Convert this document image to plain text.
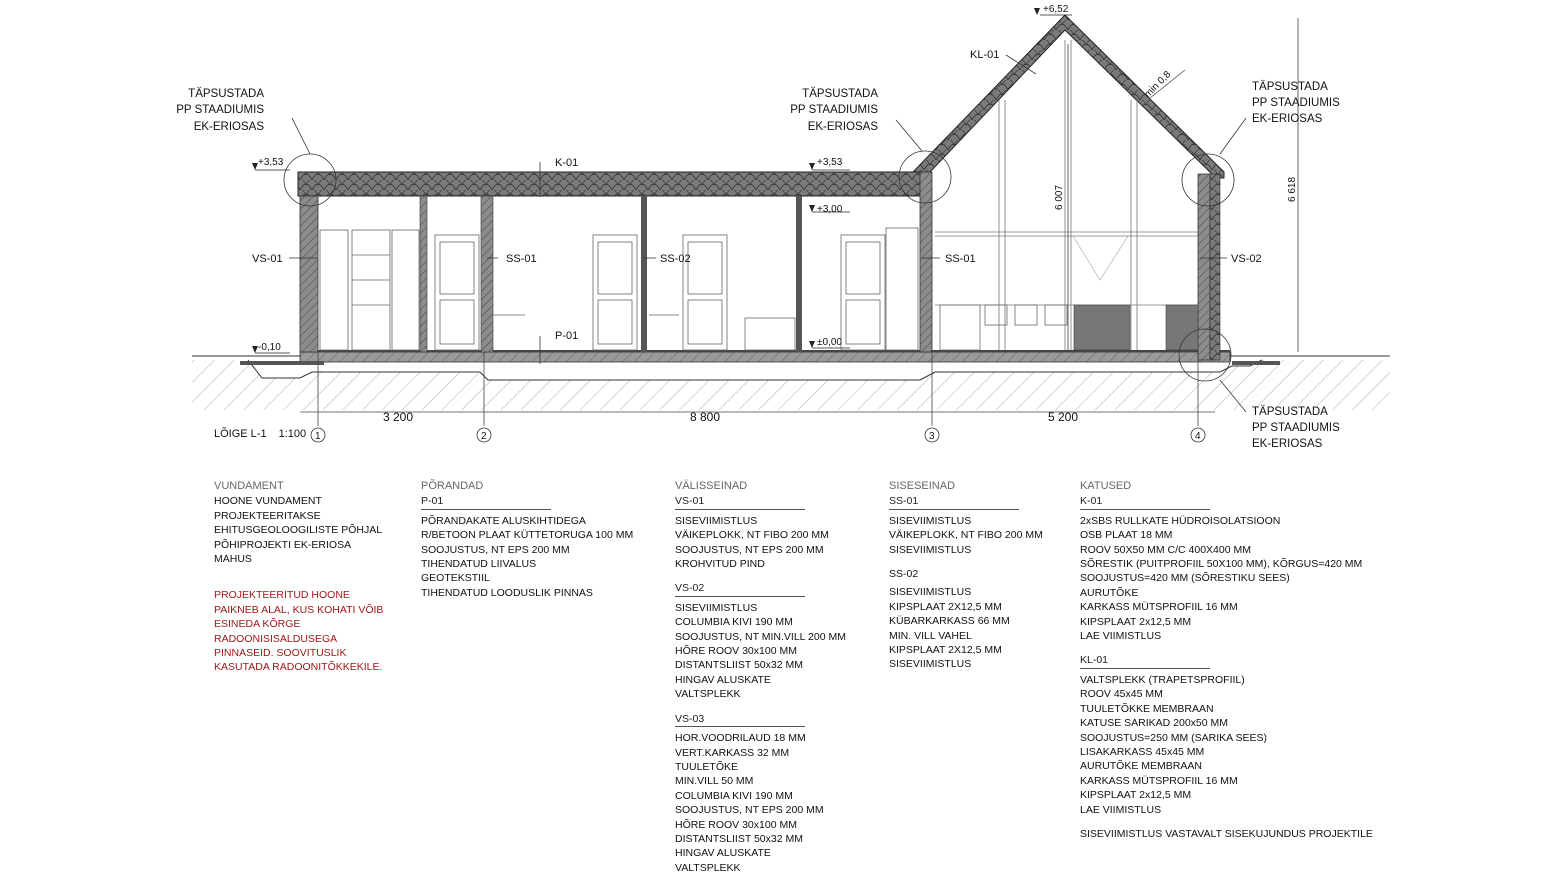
+3,53	+3,53
+3,00
±0,00
-0,10
+6,52
K-01
KL-01
VS-01	SS-01	SS-02	SS-01	VS-02
P-01
min 0,8
3 200	8 800	5 200
6 007	6 618
1	2	3	4
LÕIGE L-1 1:100
TÄPSUSTADA
PP STAADIUMIS
EK-ERIOSAS
TÄPSUSTADA
PP STAADIUMIS
EK-ERIOSAS
TÄPSUSTADA
PP STAADIUMIS
EK-ERIOSAS
TÄPSUSTADA
PP STAADIUMIS
EK-ERIOSAS
VUNDAMENT
HOONE VUNDAMENT
PROJEKTEERITAKSE
EHITUSGEOLOOGILISTE PÕHJAL
PÕHIPROJEKTI EK-ERIOSA
MAHUS
PROJEKTEERITUD HOONE
PAIKNEB ALAL, KUS KOHATI VÕIB
ESINEDA KÕRGE
RADOONISISALDUSEGA
PINNASEID. SOOVITUSLIK
KASUTADA RADOONITÕKKEKILE.
PÕRANDAD
P-01
PÕRANDAKATE ALUSKIHTIDEGA
R/BETOON PLAAT KÜTTETORUGA 100 MM
SOOJUSTUS, NT EPS 200 MM
TIHENDATUD LIIVALUS
GEOTEKSTIIL
TIHENDATUD LOODUSLIK PINNAS
VÄLISSEINAD
VS-01
SISEVIIMISTLUS
VÄIKEPLOKK, NT FIBO 200 MM
SOOJUSTUS, NT EPS 200 MM
KROHVITUD PIND
VS-02
SISEVIIMISTLUS
COLUMBIA KIVI 190 MM
SOOJUSTUS, NT MIN.VILL 200 MM
HÕRE ROOV 30x100 MM
DISTANTSLIIST 50x32 MM
HINGAV ALUSKATE
VALTSPLEKK
VS-03
HOR.VOODRILAUD 18 MM
VERT.KARKASS 32 MM
TUULETÕKE
MIN.VILL 50 MM
COLUMBIA KIVI 190 MM
SOOJUSTUS, NT EPS 200 MM
HÕRE ROOV 30x100 MM
DISTANTSLIIST 50x32 MM
HINGAV ALUSKATE
VALTSPLEKK
SISESEINAD
SS-01
SISEVIIMISTLUS
VÄIKEPLOKK, NT FIBO 200 MM
SISEVIIMISTLUS
SS-02
SISEVIIMISTLUS
KIPSPLAAT 2X12,5 MM
KÜBARKARKASS 66 MM
MIN. VILL VAHEL
KIPSPLAAT 2X12,5 MM
SISEVIIMISTLUS
KATUSED
K-01
2xSBS RULLKATE HÜDROISOLATSIOON
OSB PLAAT 18 MM
ROOV 50X50 MM C/C 400X400 MM
SÕRESTIK (PUITPROFIIL 50X100 MM), KÕRGUS=420 MM
SOOJUSTUS=420 MM (SÕRESTIKU SEES)
AURUTÕKE
KARKASS MÜTSPROFIIL 16 MM
KIPSPLAAT 2x12,5 MM
LAE VIIMISTLUS
KL-01
VALTSPLEKK (TRAPETSPROFIIL)
ROOV 45x45 MM
TUULETÕKKE MEMBRAAN
KATUSE SARIKAD 200x50 MM
SOOJUSTUS=250 MM (SARIKA SEES)
LISAKARKASS 45x45 MM
AURUTÕKE MEMBRAAN
KARKASS MÜTSPROFIIL 16 MM
KIPSPLAAT 2x12,5 MM
LAE VIIMISTLUS
SISEVIIMISTLUS VASTAVALT SISEKUJUNDUS PROJEKTILE
